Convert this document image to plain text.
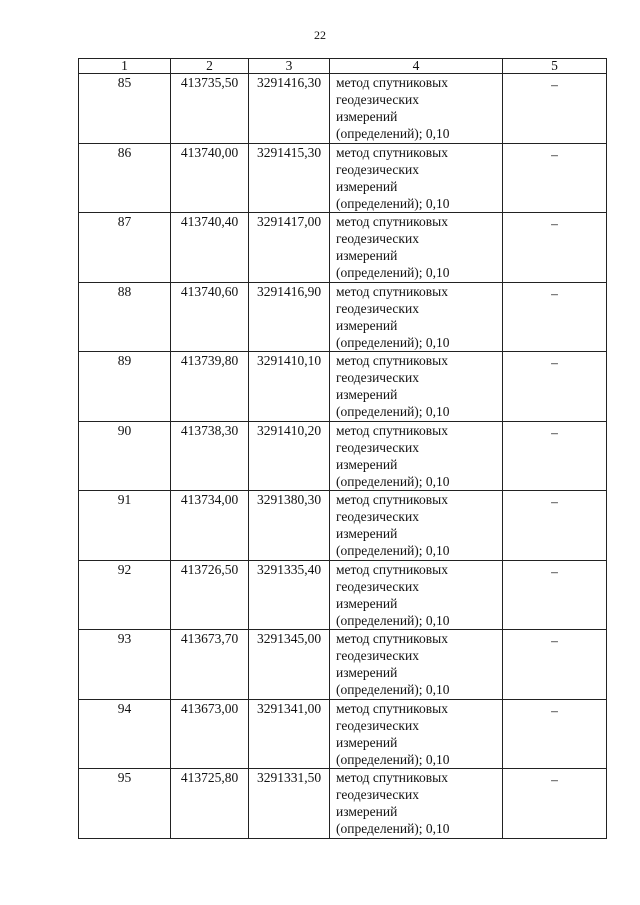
22
1	2	3	4	5
85	413735,50	3291416,30	метод спутниковых
геодезических
измерений
(определений); 0,10	–
86	413740,00	3291415,30	метод спутниковых
геодезических
измерений
(определений); 0,10	–
87	413740,40	3291417,00	метод спутниковых
геодезических
измерений
(определений); 0,10	–
88	413740,60	3291416,90	метод спутниковых
геодезических
измерений
(определений); 0,10	–
89	413739,80	3291410,10	метод спутниковых
геодезических
измерений
(определений); 0,10	–
90	413738,30	3291410,20	метод спутниковых
геодезических
измерений
(определений); 0,10	–
91	413734,00	3291380,30	метод спутниковых
геодезических
измерений
(определений); 0,10	–
92	413726,50	3291335,40	метод спутниковых
геодезических
измерений
(определений); 0,10	–
93	413673,70	3291345,00	метод спутниковых
геодезических
измерений
(определений); 0,10	–
94	413673,00	3291341,00	метод спутниковых
геодезических
измерений
(определений); 0,10	–
95	413725,80	3291331,50	метод спутниковых
геодезических
измерений
(определений); 0,10	–
